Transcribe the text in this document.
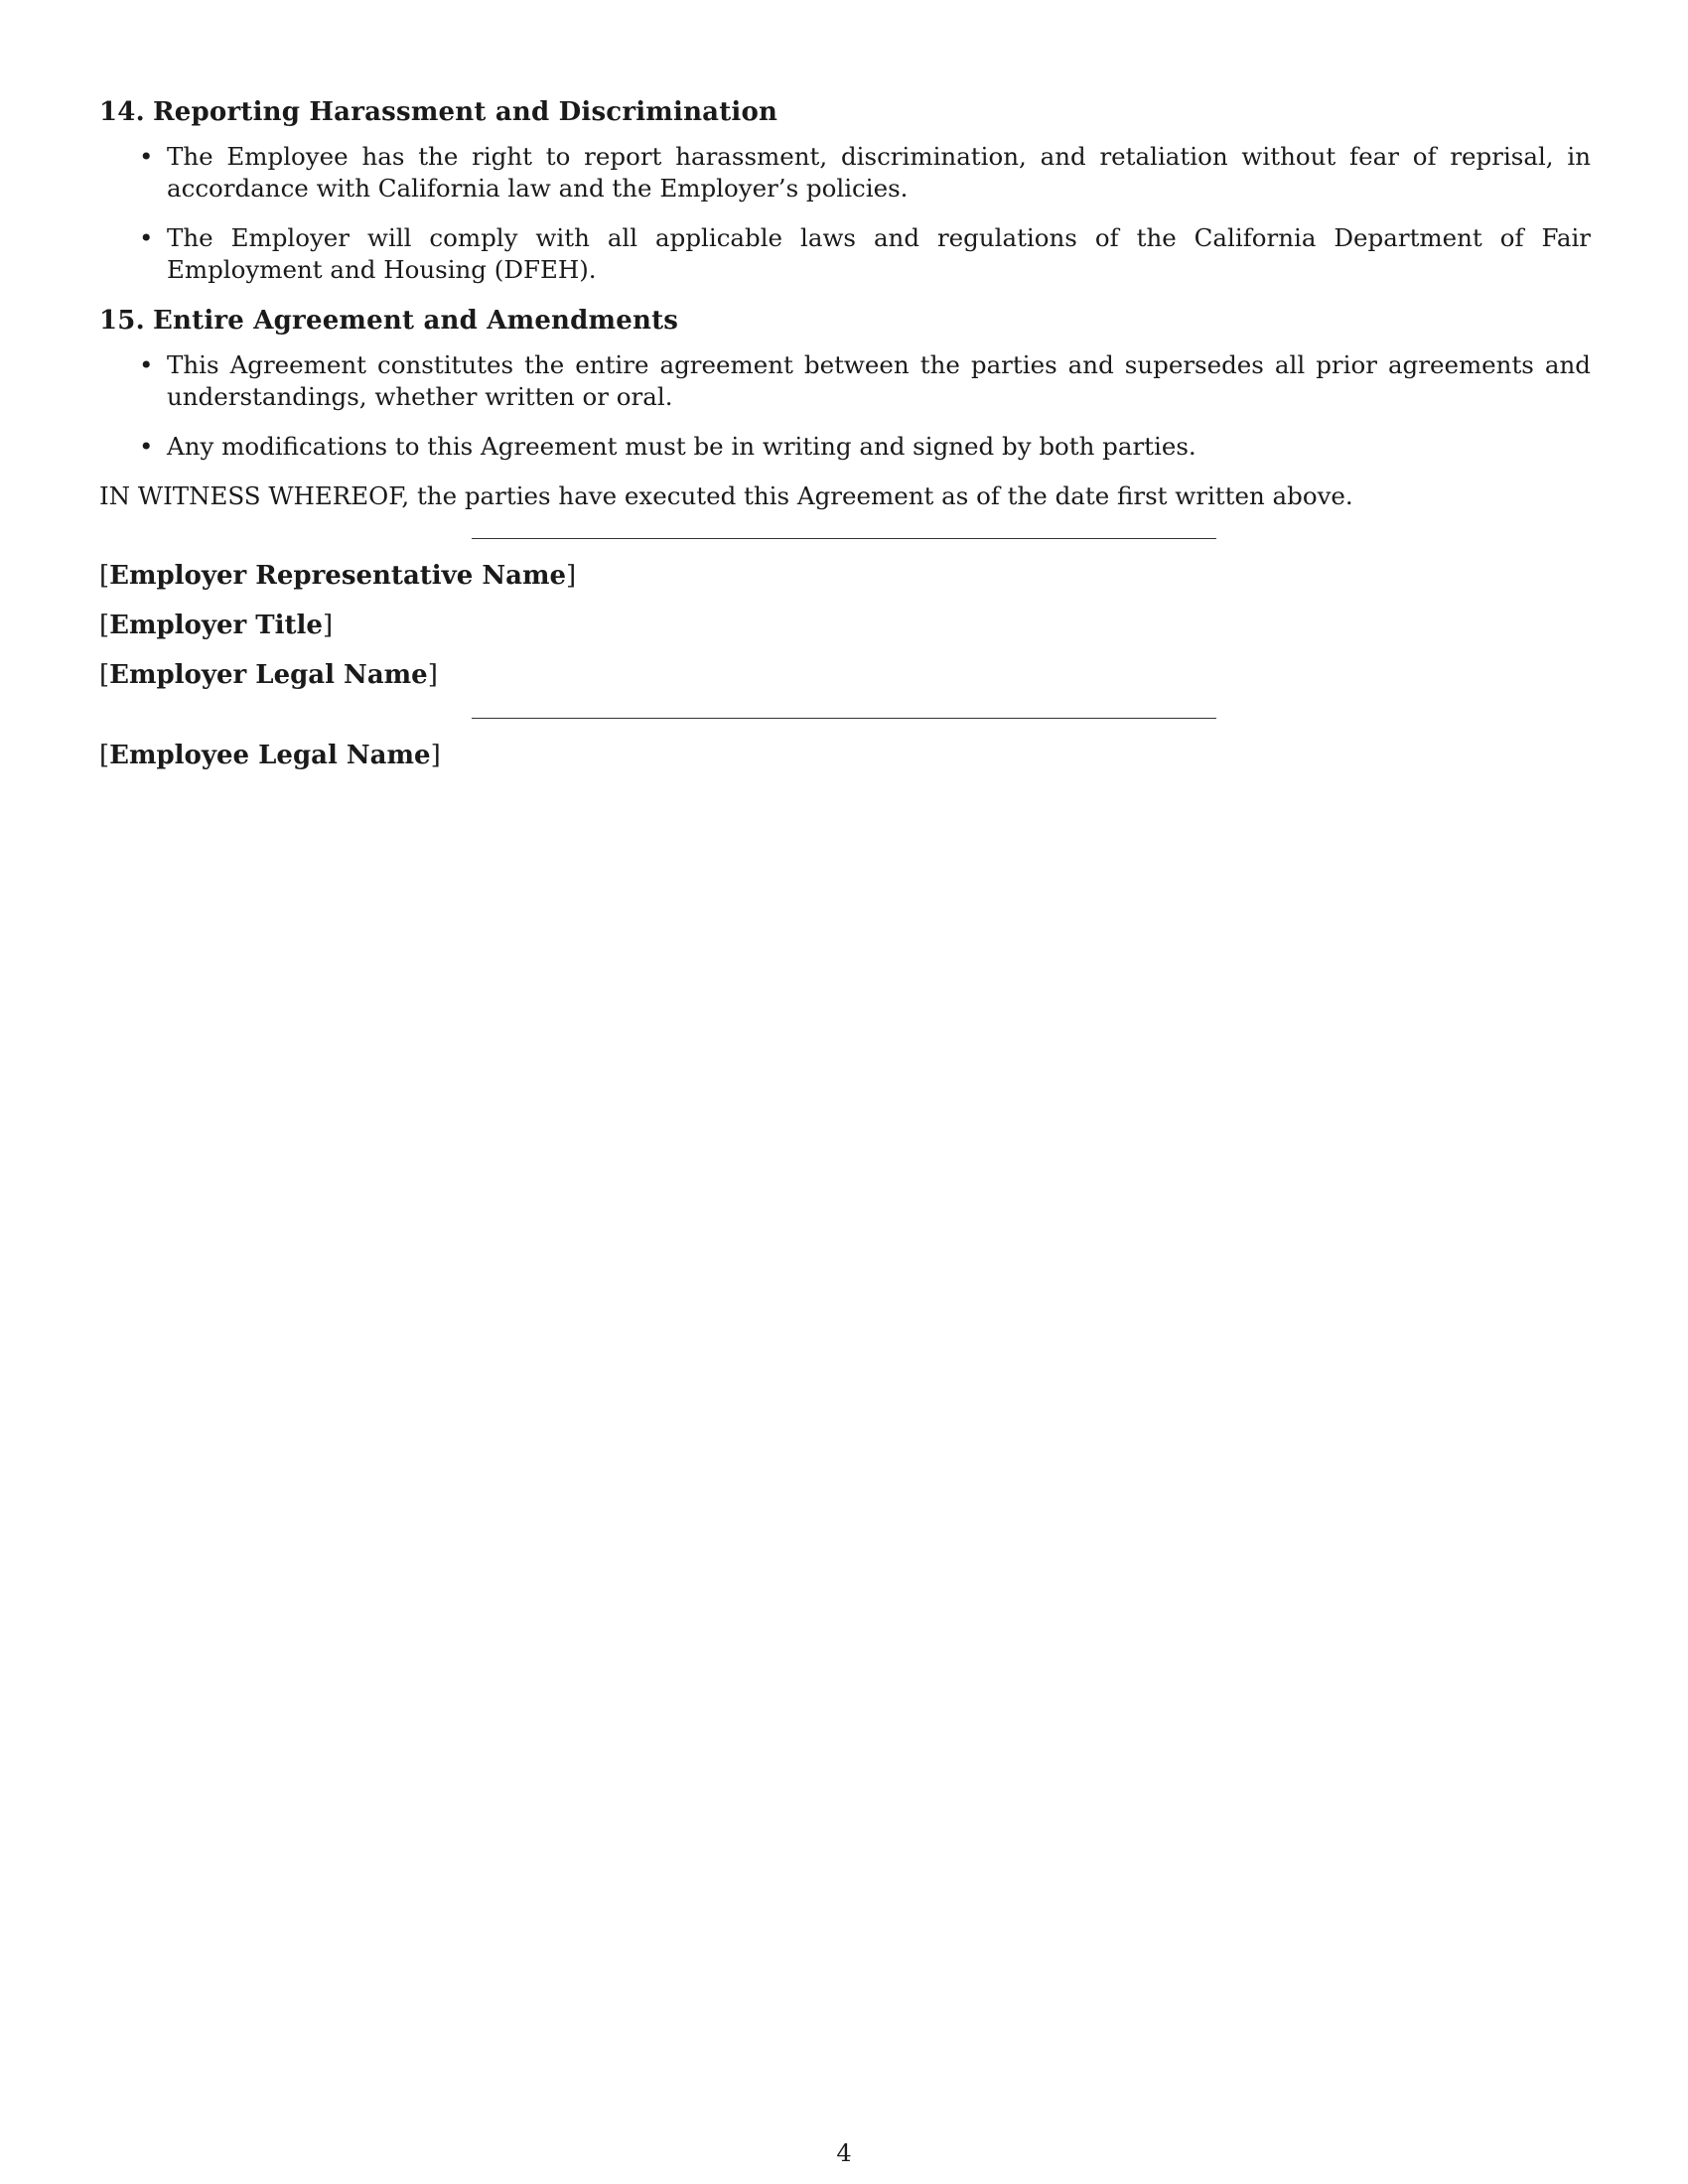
14. Reporting Harassment and Discrimination
• The Employee has the right to report harassment, discrimination, and retaliation without fear of reprisal, in accordance with California law and the Employer’s policies.
• The Employer will comply with all applicable laws and regulations of the California Department of Fair Employment and Housing (DFEH).
15. Entire Agreement and Amendments
• This Agreement constitutes the entire agreement between the parties and supersedes all prior agreements and understandings, whether written or oral.
• Any modifications to this Agreement must be in writing and signed by both parties.

IN WITNESS WHEREOF, the parties have executed this Agreement as of the date first written above.

[Employer Representative Name]

[Employer Title]

[Employer Legal Name]

[Employee Legal Name]

4
